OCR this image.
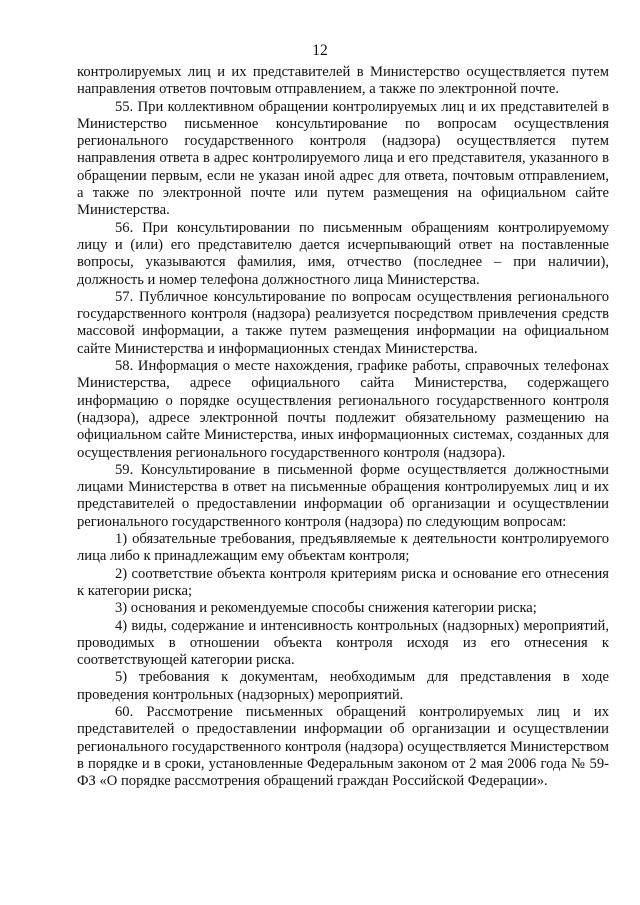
12

контролируемых лиц и их представителей в Министерство осуществляется путем направления ответов почтовым отправлением, а также по электронной почте.

55. При коллективном обращении контролируемых лиц и их представителей в Министерство письменное консультирование по вопросам осуществления регионального государственного контроля (надзора) осуществляется путем направления ответа в адрес контролируемого лица и его представителя, указанного в обращении первым, если не указан иной адрес для ответа, почтовым отправлением, а также по электронной почте или путем размещения на официальном сайте Министерства.

56. При консультировании по письменным обращениям контролируемому лицу и (или) его представителю дается исчерпывающий ответ на поставленные вопросы, указываются фамилия, имя, отчество (последнее – при наличии), должность и номер телефона должностного лица Министерства.

57. Публичное консультирование по вопросам осуществления регионального государственного контроля (надзора) реализуется посредством привлечения средств массовой информации, а также путем размещения информации на официальном сайте Министерства и информационных стендах Министерства.

58. Информация о месте нахождения, графике работы, справочных телефонах Министерства, адресе официального сайта Министерства, содержащего информацию о порядке осуществления регионального государственного контроля (надзора), адресе электронной почты подлежит обязательному размещению на официальном сайте Министерства, иных информационных системах, созданных для осуществления регионального государственного контроля (надзора).

59. Консультирование в письменной форме осуществляется должностными лицами Министерства в ответ на письменные обращения контролируемых лиц и их представителей о предоставлении информации об организации и осуществлении регионального государственного контроля (надзора) по следующим вопросам:

1) обязательные требования, предъявляемые к деятельности контролируемого лица либо к принадлежащим ему объектам контроля;

2) соответствие объекта контроля критериям риска и основание его отнесения к категории риска;

3) основания и рекомендуемые способы снижения категории риска;

4) виды, содержание и интенсивность контрольных (надзорных) мероприятий, проводимых в отношении объекта контроля исходя из его отнесения к соответствующей категории риска.

5) требования к документам, необходимым для представления в ходе проведения контрольных (надзорных) мероприятий.

60. Рассмотрение письменных обращений контролируемых лиц и их представителей о предоставлении информации об организации и осуществлении регионального государственного контроля (надзора) осуществляется Министерством в порядке и в сроки, установленные Федеральным законом от 2 мая 2006 года № 59-ФЗ «О порядке рассмотрения обращений граждан Российской Федерации».
